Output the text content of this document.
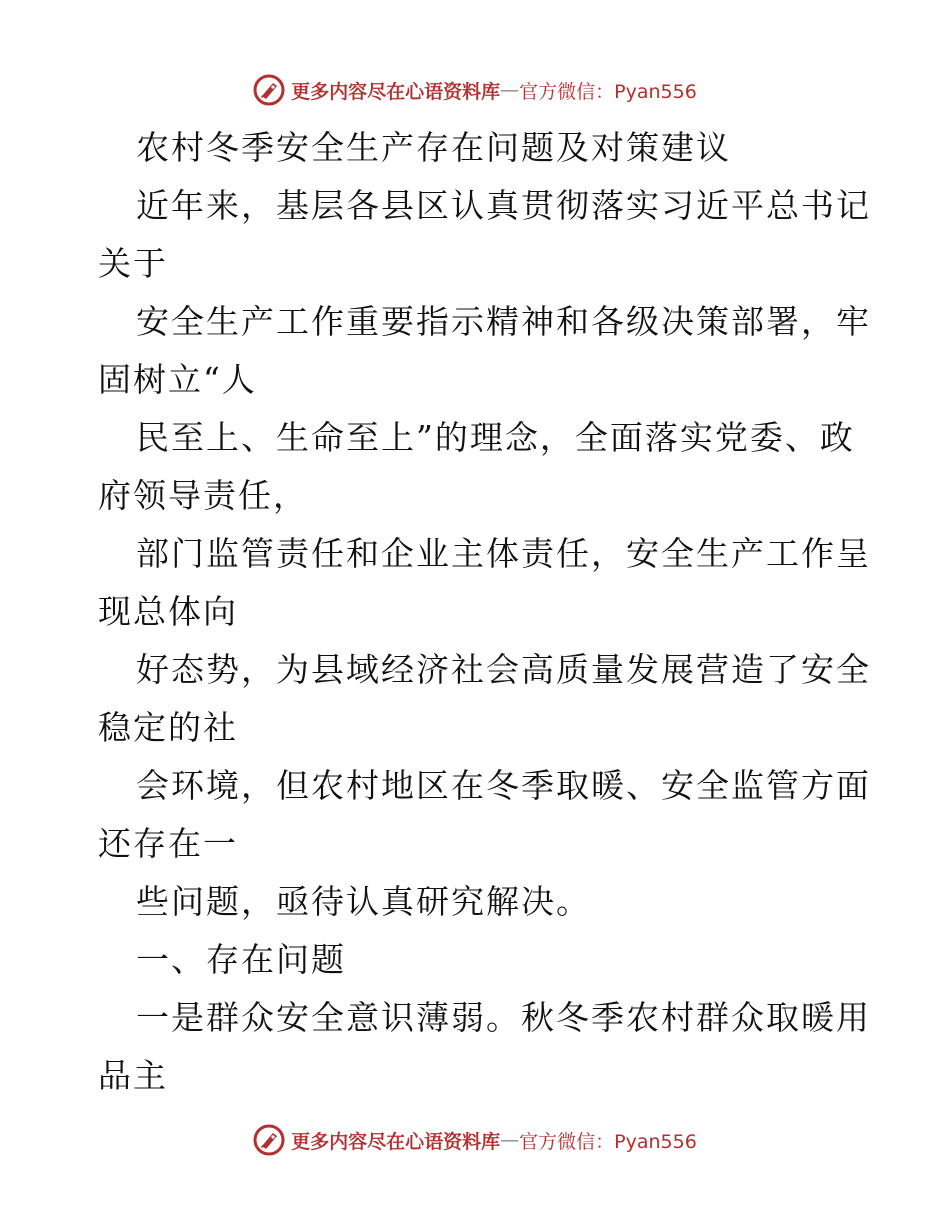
更多内容尽在心语资料库 — 官方微信：Pyan556
农村冬季安全生产存在问题及对策建议
近年来，基层各县区认真贯彻落实习近平总书记
关于
安全生产工作重要指示精神和各级决策部署，牢
固树立“人
民至上、生命至上”的理念，全面落实党委、政
府领导责任，
部门监管责任和企业主体责任，安全生产工作呈
现总体向
好态势，为县域经济社会高质量发展营造了安全
稳定的社
会环境，但农村地区在冬季取暖、安全监管方面
还存在一
些问题，亟待认真研究解决。
一、存在问题
一是群众安全意识薄弱。秋冬季农村群众取暖用
品主
更多内容尽在心语资料库 — 官方微信：Pyan556
